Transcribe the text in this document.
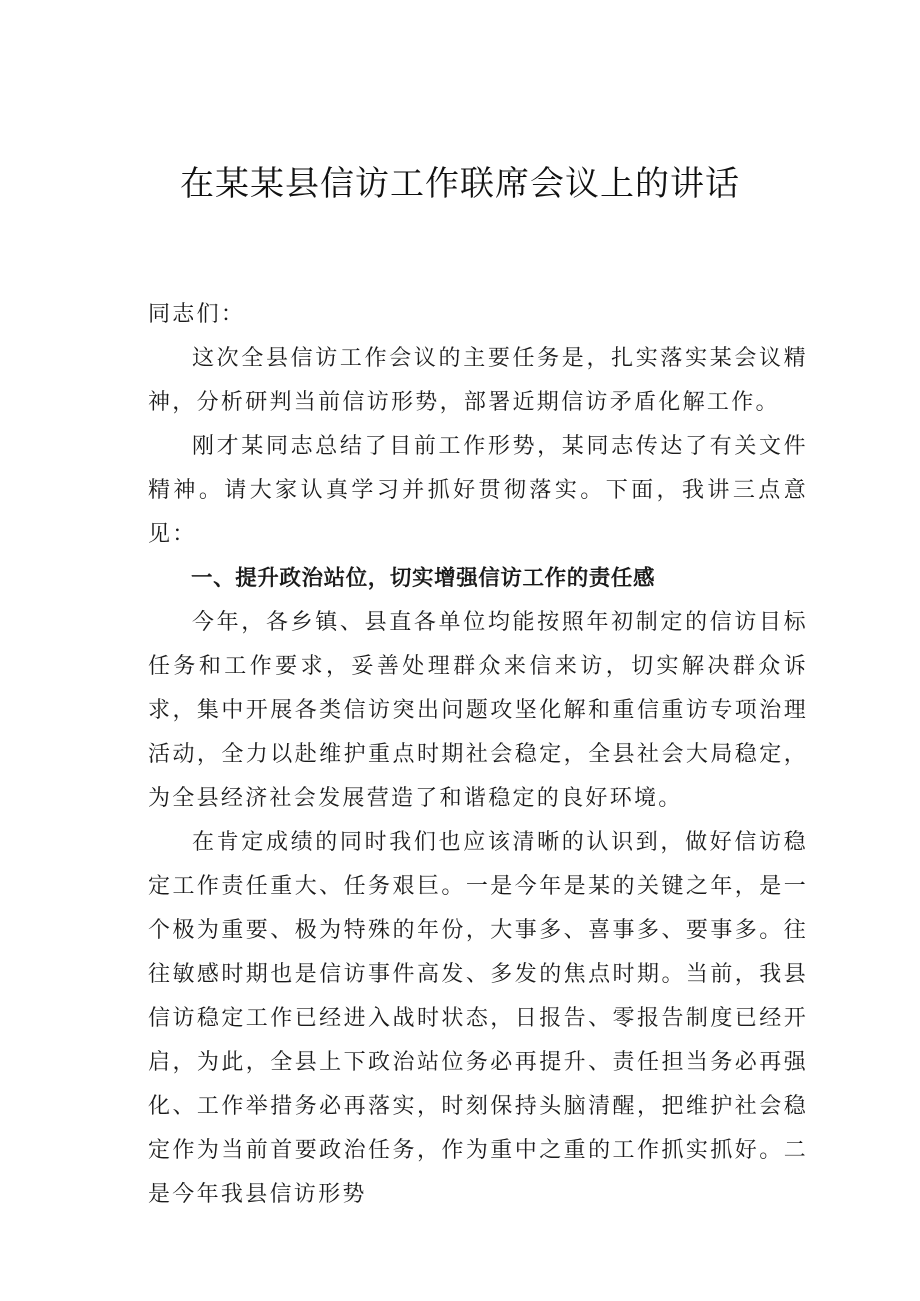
在某某县信访工作联席会议上的讲话

同志们：

这次全县信访工作会议的主要任务是，扎实落实某会议精神，分析研判当前信访形势，部署近期信访矛盾化解工作。

刚才某同志总结了目前工作形势，某同志传达了有关文件精神。请大家认真学习并抓好贯彻落实。下面，我讲三点意见：

一、提升政治站位，切实增强信访工作的责任感

今年，各乡镇、县直各单位均能按照年初制定的信访目标任务和工作要求，妥善处理群众来信来访，切实解决群众诉求，集中开展各类信访突出问题攻坚化解和重信重访专项治理活动，全力以赴维护重点时期社会稳定，全县社会大局稳定，为全县经济社会发展营造了和谐稳定的良好环境。

在肯定成绩的同时我们也应该清晰的认识到，做好信访稳定工作责任重大、任务艰巨。一是今年是某的关键之年，是一个极为重要、极为特殊的年份，大事多、喜事多、要事多。往往敏感时期也是信访事件高发、多发的焦点时期。当前，我县信访稳定工作已经进入战时状态，日报告、零报告制度已经开启，为此，全县上下政治站位务必再提升、责任担当务必再强化、工作举措务必再落实，时刻保持头脑清醒，把维护社会稳定作为当前首要政治任务，作为重中之重的工作抓实抓好。二是今年我县信访形势
